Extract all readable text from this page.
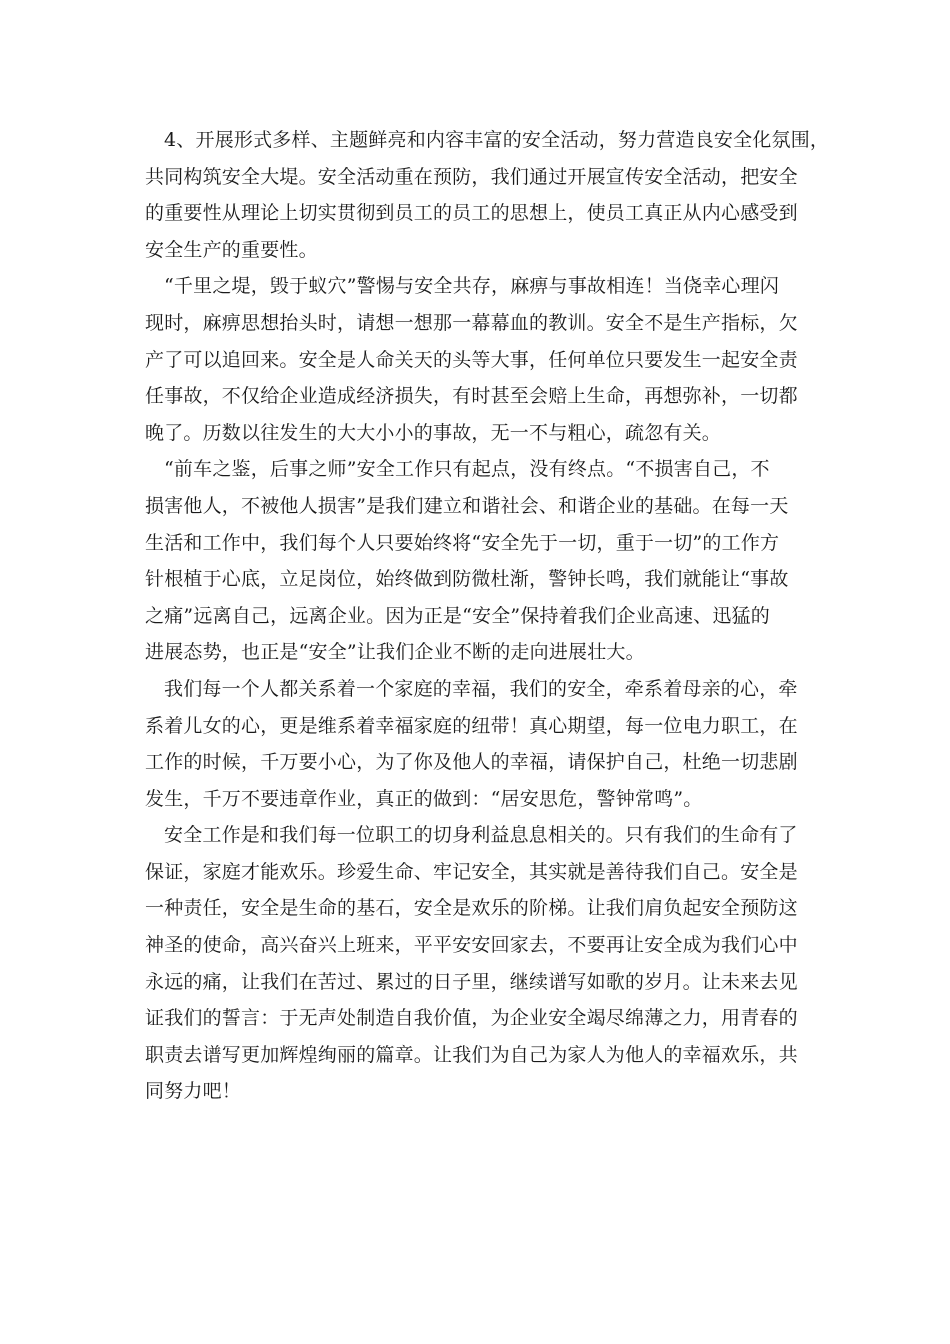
4、开展形式多样、主题鲜亮和内容丰富的安全活动，努力营造良安全化氛围，
共同构筑安全大堤。安全活动重在预防，我们通过开展宣传安全活动，把安全
的重要性从理论上切实贯彻到员工的员工的思想上，使员工真正从内心感受到
安全生产的重要性。
“千里之堤，毁于蚁穴”警惕与安全共存，麻痹与事故相连！当侥幸心理闪
现时，麻痹思想抬头时，请想一想那一幕幕血的教训。安全不是生产指标，欠
产了可以追回来。安全是人命关天的头等大事，任何单位只要发生一起安全责
任事故，不仅给企业造成经济损失，有时甚至会赔上生命，再想弥补，一切都
晚了。历数以往发生的大大小小的事故，无一不与粗心，疏忽有关。
“前车之鉴，后事之师”安全工作只有起点，没有终点。“不损害自己，不
损害他人，不被他人损害”是我们建立和谐社会、和谐企业的基础。在每一天
生活和工作中，我们每个人只要始终将“安全先于一切，重于一切”的工作方
针根植于心底，立足岗位，始终做到防微杜渐，警钟长鸣，我们就能让“事故
之痛”远离自己，远离企业。因为正是“安全”保持着我们企业高速、迅猛的
进展态势，也正是“安全”让我们企业不断的走向进展壮大。
我们每一个人都关系着一个家庭的幸福，我们的安全，牵系着母亲的心，牵
系着儿女的心，更是维系着幸福家庭的纽带！真心期望，每一位电力职工，在
工作的时候，千万要小心，为了你及他人的幸福，请保护自己，杜绝一切悲剧
发生，千万不要违章作业，真正的做到：“居安思危，警钟常鸣”。
安全工作是和我们每一位职工的切身利益息息相关的。只有我们的生命有了
保证，家庭才能欢乐。珍爱生命、牢记安全，其实就是善待我们自己。安全是
一种责任，安全是生命的基石，安全是欢乐的阶梯。让我们肩负起安全预防这
神圣的使命，高兴奋兴上班来，平平安安回家去，不要再让安全成为我们心中
永远的痛，让我们在苦过、累过的日子里，继续谱写如歌的岁月。让未来去见
证我们的誓言：于无声处制造自我价值，为企业安全竭尽绵薄之力，用青春的
职责去谱写更加辉煌绚丽的篇章。让我们为自己为家人为他人的幸福欢乐，共
同努力吧！
